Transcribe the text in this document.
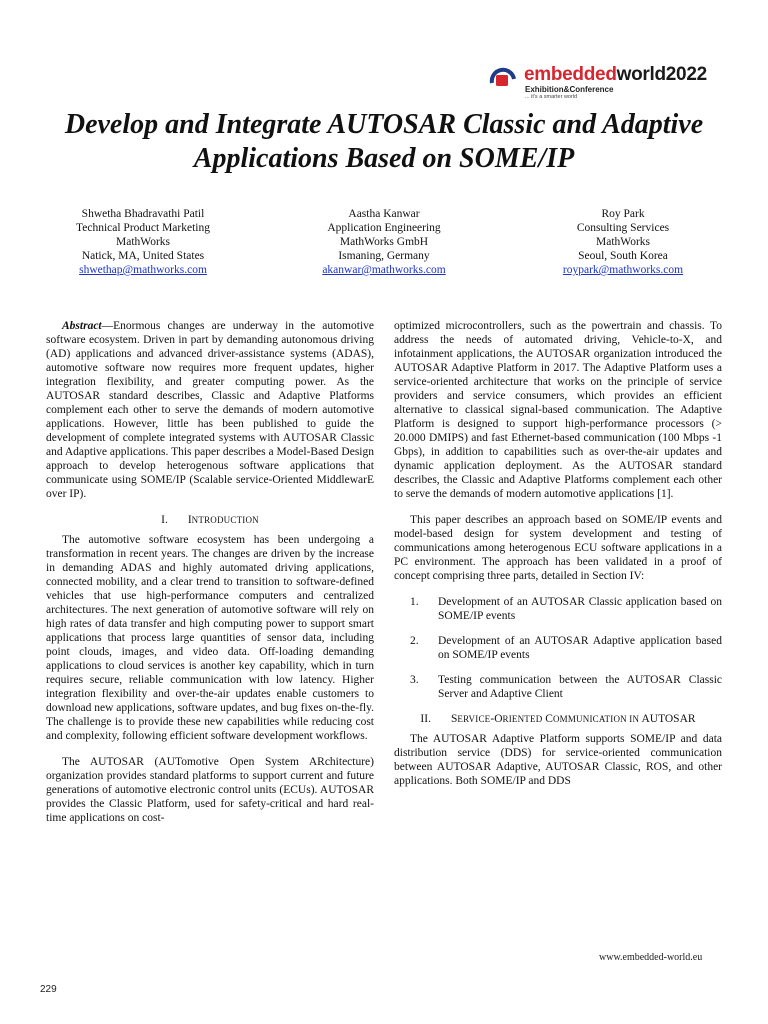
embeddedworld2022
Exhibition&Conference
... it's a smarter world
Develop and Integrate AUTOSAR Classic and Adaptive Applications Based on SOME/IP
Shwetha Bhadravathi Patil
Technical Product Marketing
MathWorks
Natick, MA, United States
shwethap@mathworks.com
Aastha Kanwar
Application Engineering
MathWorks GmbH
Ismaning, Germany
akanwar@mathworks.com
Roy Park
Consulting Services
MathWorks
Seoul, South Korea
roypark@mathworks.com

Abstract—Enormous changes are underway in the automotive software ecosystem. Driven in part by demanding autonomous driving (AD) applications and advanced driver-assistance systems (ADAS), automotive software now requires more frequent updates, higher integration flexibility, and greater computing power. As the AUTOSAR standard describes, Classic and Adaptive Platforms complement each other to serve the demands of modern automotive applications. However, little has been published to guide the development of complete integrated systems with AUTOSAR Classic and Adaptive applications. This paper describes a Model-Based Design approach to develop heterogenous software applications that communicate using SOME/IP (Scalable service-Oriented MiddlewarE over IP).

I. INTRODUCTION

The automotive software ecosystem has been undergoing a transformation in recent years. The changes are driven by the increase in demanding ADAS and highly automated driving applications, connected mobility, and a clear trend to transition to software-defined vehicles that use high-performance computers and centralized architectures. The next generation of automotive software will rely on high rates of data transfer and high computing power to support smart applications that process large quantities of sensor data, including point clouds, images, and video data. Off-loading demanding applications to cloud services is another key capability, which in turn requires secure, reliable communication with low latency. Higher integration flexibility and over-the-air updates enable customers to download new applications, software updates, and bug fixes on-the-fly. The challenge is to provide these new capabilities while reducing cost and complexity, following efficient software development workflows.

The AUTOSAR (AUTomotive Open System ARchitecture) organization provides standard platforms to support current and future generations of automotive electronic control units (ECUs). AUTOSAR provides the Classic Platform, used for safety-critical and hard real-time applications on cost-

optimized microcontrollers, such as the powertrain and chassis. To address the needs of automated driving, Vehicle-to-X, and infotainment applications, the AUTOSAR organization introduced the AUTOSAR Adaptive Platform in 2017. The Adaptive Platform uses a service-oriented architecture that works on the principle of service providers and service consumers, which provides an efficient alternative to classical signal-based communication. The Adaptive Platform is designed to support high-performance processors (> 20.000 DMIPS) and fast Ethernet-based communication (100 Mbps -1 Gbps), in addition to capabilities such as over-the-air updates and dynamic application deployment. As the AUTOSAR standard describes, the Classic and Adaptive Platforms complement each other to serve the demands of modern automotive applications [1].

This paper describes an approach based on SOME/IP events and model-based design for system development and testing of communications among heterogenous ECU software applications in a PC environment. The approach has been validated in a proof of concept comprising three parts, detailed in Section IV:

1. Development of an AUTOSAR Classic application based on SOME/IP events
2. Development of an AUTOSAR Adaptive application based on SOME/IP events
3. Testing communication between the AUTOSAR Classic Server and Adaptive Client
II. SERVICE-ORIENTED COMMUNICATION IN AUTOSAR

The AUTOSAR Adaptive Platform supports SOME/IP and data distribution service (DDS) for service-oriented communication between AUTOSAR Adaptive, AUTOSAR Classic, ROS, and other applications. Both SOME/IP and DDS

www.embedded-world.eu
229
